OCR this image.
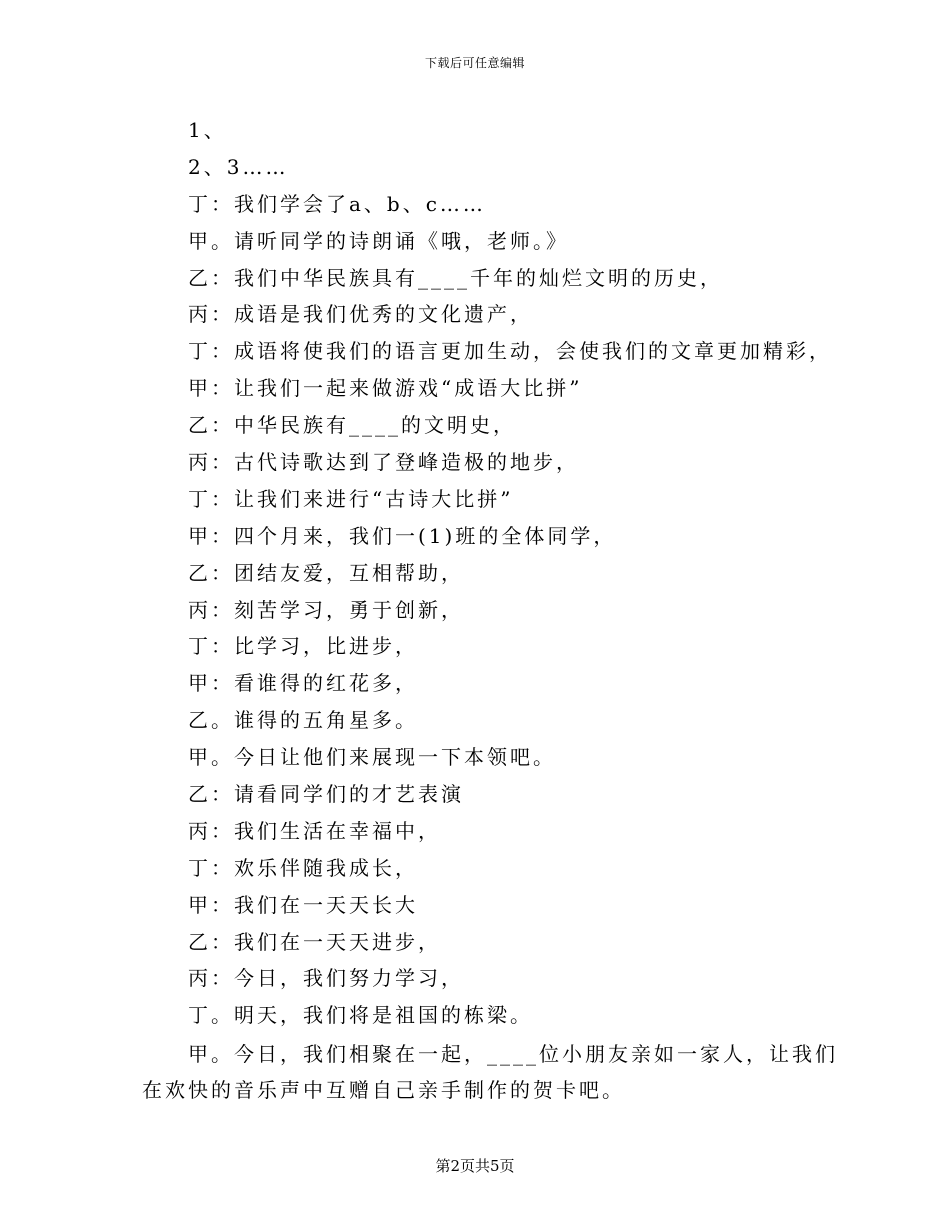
下载后可任意编辑
1、
2、3……
丁：我们学会了a、b、c……
甲。请听同学的诗朗诵《哦，老师。》
乙：我们中华民族具有____千年的灿烂文明的历史，
丙：成语是我们优秀的文化遗产，
丁：成语将使我们的语言更加生动，会使我们的文章更加精彩，
甲：让我们一起来做游戏“成语大比拼”
乙：中华民族有____的文明史，
丙：古代诗歌达到了登峰造极的地步，
丁：让我们来进行“古诗大比拼”
甲：四个月来，我们一(1)班的全体同学，
乙：团结友爱，互相帮助，
丙：刻苦学习，勇于创新，
丁：比学习，比进步，
甲：看谁得的红花多，
乙。谁得的五角星多。
甲。今日让他们来展现一下本领吧。
乙：请看同学们的才艺表演
丙：我们生活在幸福中，
丁：欢乐伴随我成长，
甲：我们在一天天长大
乙：我们在一天天进步，
丙：今日，我们努力学习，
丁。明天，我们将是祖国的栋梁。
甲。今日，我们相聚在一起，____位小朋友亲如一家人，让我们
在欢快的音乐声中互赠自己亲手制作的贺卡吧。
第2页共5页
